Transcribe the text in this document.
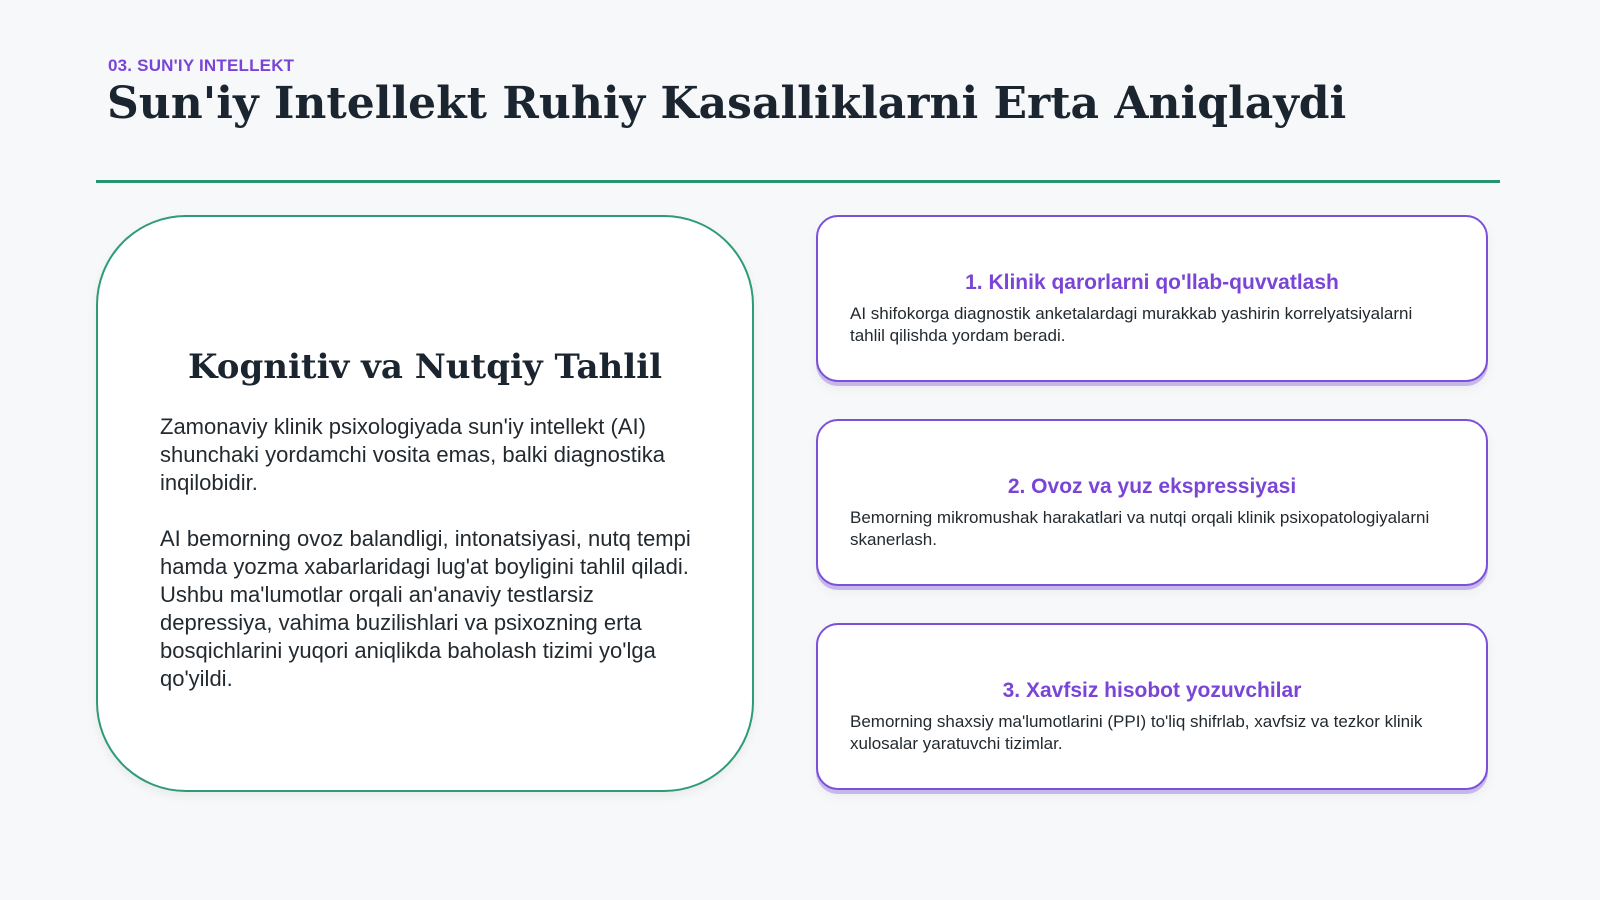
03. SUN'IY INTELLEKT
Sun'iy Intellekt Ruhiy Kasalliklarni Erta Aniqlaydi
Kognitiv va Nutqiy Tahlil

Zamonaviy klinik psixologiyada sun'iy intellekt (AI) shunchaki yordamchi vosita emas, balki diagnostika inqilobidir.

AI bemorning ovoz balandligi, intonatsiyasi, nutq tempi hamda yozma xabarlaridagi lug'at boyligini tahlil qiladi. Ushbu ma'lumotlar orqali an'anaviy testlarsiz depressiya, vahima buzilishlari va psixozning erta bosqichlarini yuqori aniqlikda baholash tizimi yo'lga qo'yildi.

1. Klinik qarorlarni qo'llab-quvvatlash
AI shifokorga diagnostik anketalardagi murakkab yashirin korrelyatsiyalarni tahlil qilishda yordam beradi.
2. Ovoz va yuz ekspressiyasi
Bemorning mikromushak harakatlari va nutqi orqali klinik psixopatologiyalarni skanerlash.
3. Xavfsiz hisobot yozuvchilar
Bemorning shaxsiy ma'lumotlarini (PPI) to'liq shifrlab, xavfsiz va tezkor klinik xulosalar yaratuvchi tizimlar.
